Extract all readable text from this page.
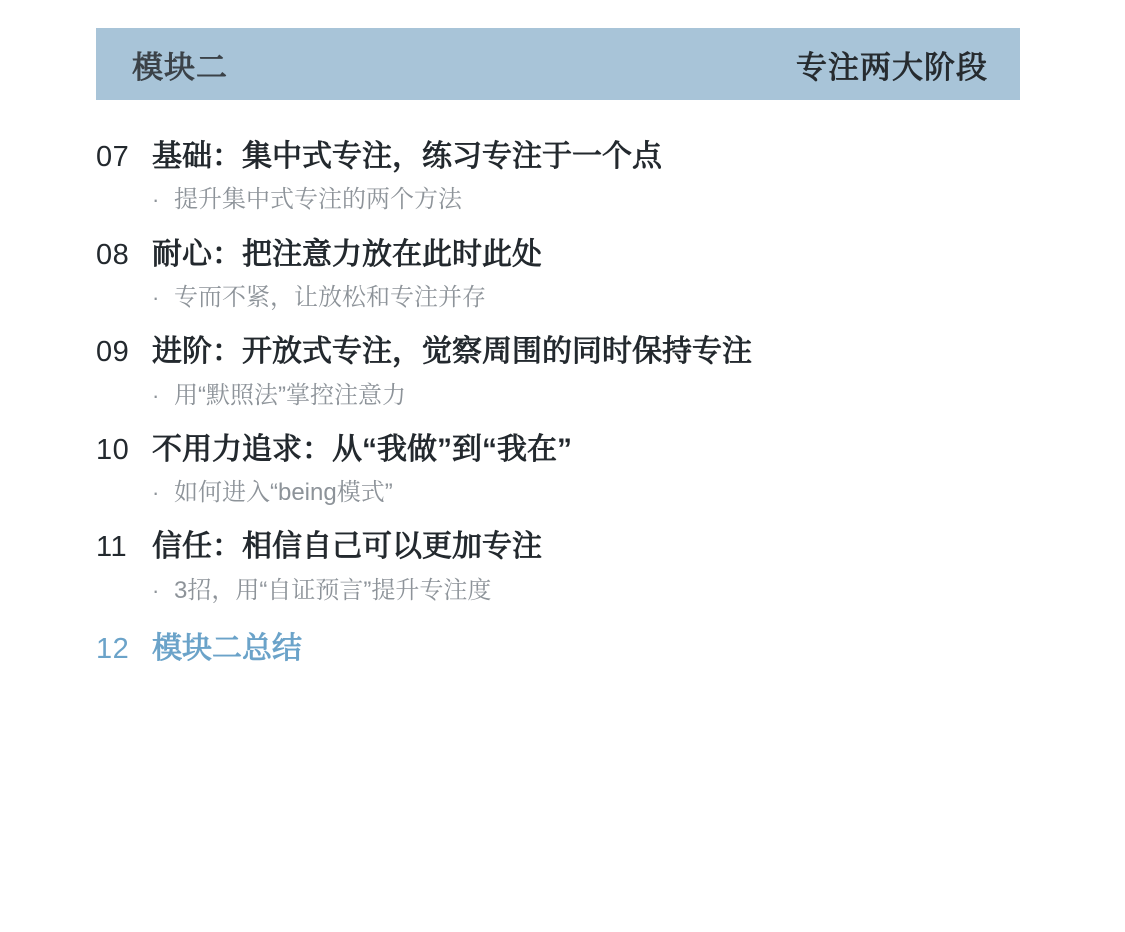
模块二	专注两大阶段
07 基础：集中式专注，练习专注于一个点
· 提升集中式专注的两个方法
08 耐心：把注意力放在此时此处
· 专而不紧，让放松和专注并存
09 进阶：开放式专注，觉察周围的同时保持专注
· 用“默照法”掌控注意力
10 不用力追求：从“我做”到“我在”
· 如何进入“being模式”
11 信任：相信自己可以更加专注
· 3招，用“自证预言”提升专注度
12 模块二总结
